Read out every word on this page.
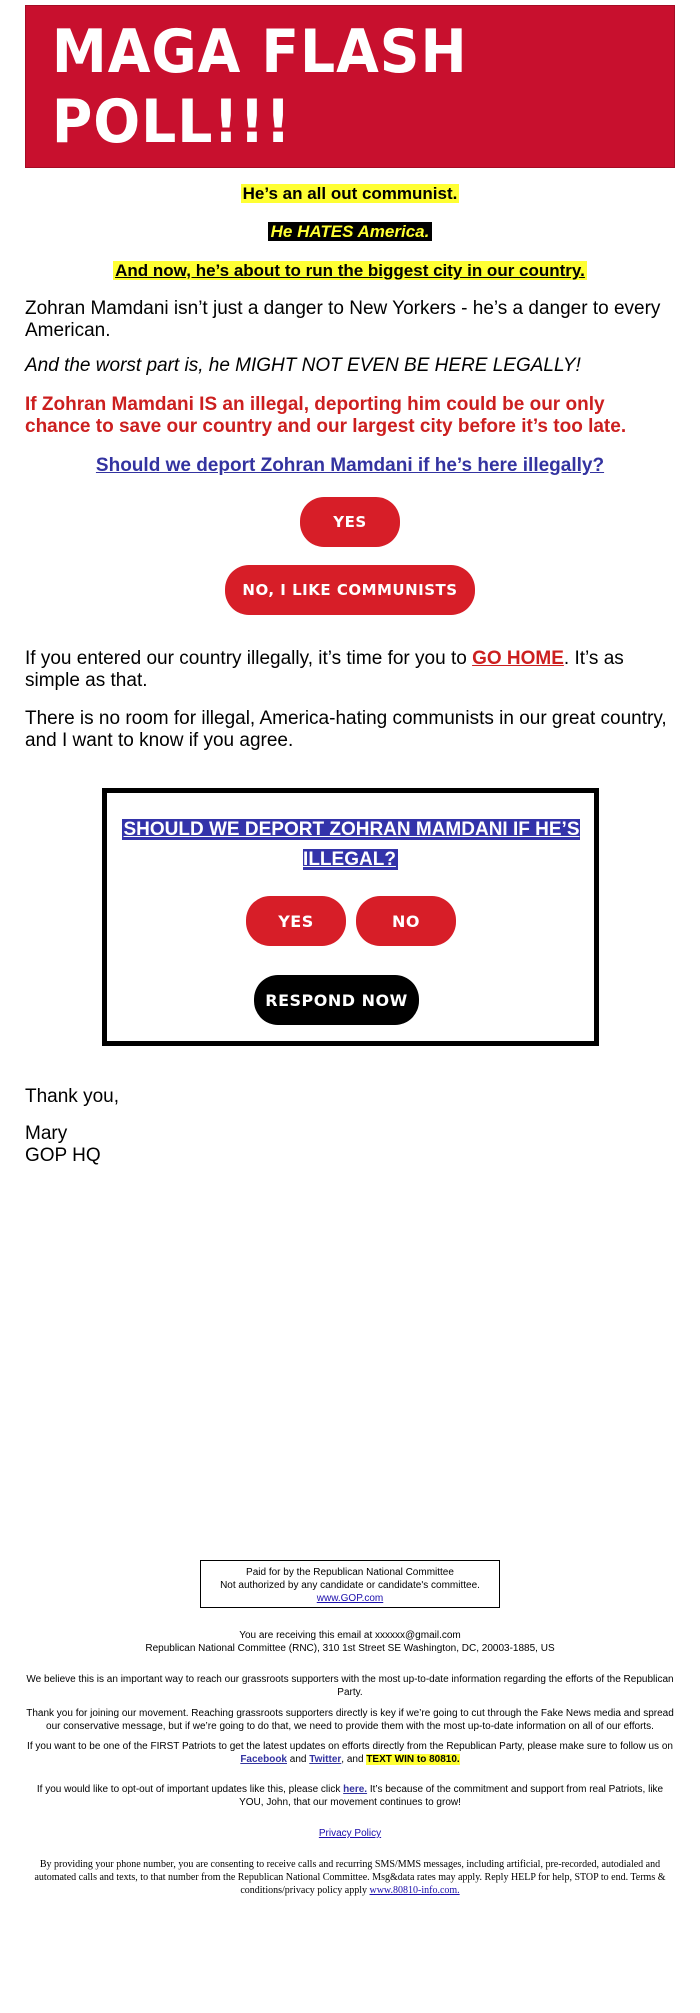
MAGA FLASH POLL!!!
He’s an all out communist.
He HATES America.
And now, he’s about to run the biggest city in our country.

Zohran Mamdani isn’t just a danger to New Yorkers - he’s a danger to every American.

And the worst part is, he MIGHT NOT EVEN BE HERE LEGALLY!

If Zohran Mamdani IS an illegal, deporting him could be our only chance to save our country and our largest city before it’s too late.

Should we deport Zohran Mamdani if he’s here illegally?
YES
NO, I LIKE COMMUNISTS

If you entered our country illegally, it’s time for you to GO HOME. It’s as simple as that.

There is no room for illegal, America-hating communists in our great country, and I want to know if you agree.

SHOULD WE DEPORT ZOHRAN MAMDANI IF HE’S ILLEGAL?
YES	NO
RESPOND NOW

Thank you,

Mary

GOP HQ

Paid for by the Republican National Committee
Not authorized by any candidate or candidate's committee.
www.GOP.com
You are receiving this email at xxxxxx@gmail.com
Republican National Committee (RNC), 310 1st Street SE Washington, DC, 20003-1885, US
We believe this is an important way to reach our grassroots supporters with the most up-to-date information regarding the efforts of the Republican Party.
Thank you for joining our movement. Reaching grassroots supporters directly is key if we’re going to cut through the Fake News media and spread our conservative message, but if we’re going to do that, we need to provide them with the most up-to-date information on all of our efforts.
If you want to be one of the FIRST Patriots to get the latest updates on efforts directly from the Republican Party, please make sure to follow us on Facebook and Twitter, and TEXT WIN to 80810.
If you would like to opt-out of important updates like this, please click here. It’s because of the commitment and support from real Patriots, like YOU, John, that our movement continues to grow!
Privacy Policy
By providing your phone number, you are consenting to receive calls and recurring SMS/MMS messages, including artificial, pre-recorded, autodialed and automated calls and texts, to that number from the Republican National Committee. Msg&data rates may apply. Reply HELP for help, STOP to end. Terms & conditions/privacy policy apply www.80810-info.com.
